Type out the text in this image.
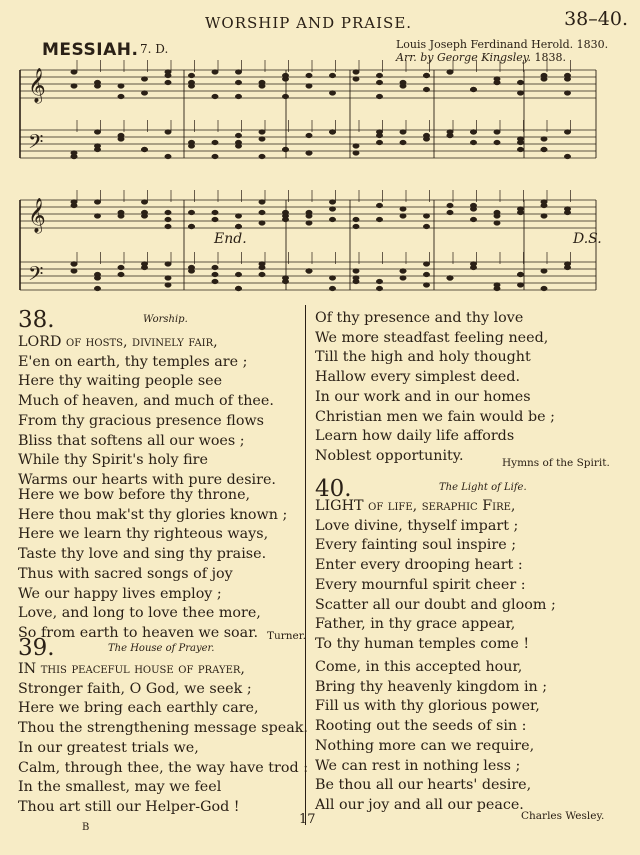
WORSHIP AND PRAISE.	38–40.
MESSIAH. 7. D.	Louis Joseph Ferdinand Herold. 1830.
Arr. by George Kingsley. 1838.
𝄞
𝄢
𝄞
𝄢
End.	D.S.
38.	Worship.
LORD of hosts, divinely fair,
E'en on earth, thy temples are ;
Here thy waiting people see
Much of heaven, and much of thee.
From thy gracious presence flows
Bliss that softens all our woes ;
While thy Spirit's holy fire
Warms our hearts with pure desire.
Here we bow before thy throne,
Here thou mak'st thy glories known ;
Here we learn thy righteous ways,
Taste thy love and sing thy praise.
Thus with sacred songs of joy
We our happy lives employ ;
Love, and long to love thee more,
So from earth to heaven we soar.
Of thy presence and thy love
We more steadfast feeling need,
Till the high and holy thought
Hallow every simplest deed.
In our work and in our homes
Christian men we fain would be ;
Learn how daily life affords
Noblest opportunity.
Turner.
39.	The House of Prayer.
IN this peaceful house of prayer,
Stronger faith, O God, we seek ;
Here we bring each earthly care,
Thou the strengthening message speak.
In our greatest trials we,
Calm, through thee, the way have trod :
In the smallest, may we feel
Thou art still our Helper-God !
Hymns of the Spirit.
40.	The Light of Life.
LIGHT of life, seraphic Fire,
Love divine, thyself impart ;
Every fainting soul inspire ;
Enter every drooping heart :
Every mournful spirit cheer :
Scatter all our doubt and gloom ;
Father, in thy grace appear,
To thy human temples come !
Come, in this accepted hour,
Bring thy heavenly kingdom in ;
Fill us with thy glorious power,
Rooting out the seeds of sin :
Nothing more can we require,
We can rest in nothing less ;
Be thou all our hearts' desire,
All our joy and all our peace.
Charles Wesley.
B
17
